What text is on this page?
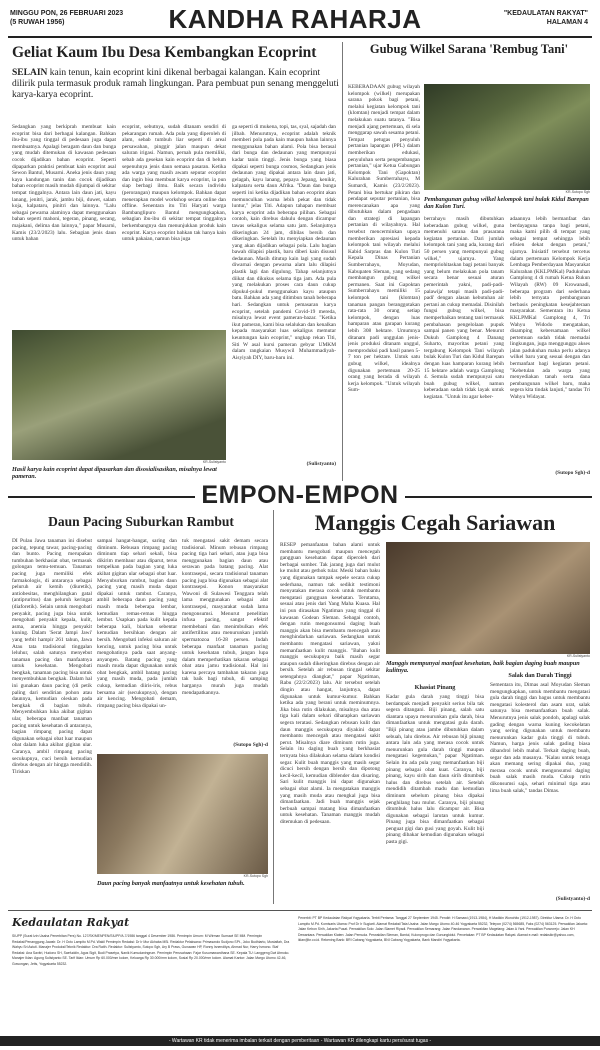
MINGGU PON, 26 FEBRUARI 2023
(5 RUWAH 1956)	KANDHA RAHARJA	"KEDAULATAN RAKYAT"
HALAMAN 4
Geliat Kaum Ibu Desa Kembangkan Ecoprint
SELAIN kain tenun, kain ecoprint kini dikenal berbagai kalangan. Kain ecoprint dilirik pula termasuk produk ramah lingkungan. Para pembuat pun senang menggeluti karya-karya ecoprint.
Sedangkan yang berkiprah membuat kain ecoprint bisa dari berbagai kalangan. Bahkan ibu-ibu yang tinggal di pedesaan juga dapat membuatnya. Apalagi beragam daun dan bunga yang mudah ditemukan di kawasan pedesaan cocok dijadikan bahan ecoprint. Seperti dipaparkan praktisi pembuat kain ecoprint asal Sewon Bantul, Musarni. Aneka jenis daun yang kaya kandungan tanin dan cocok dijadikan bahan ecoprint masih mudah dijumpai di sekitar tempat tinggalnya. Antara lain daun jati, kayu lanang, jenitri, jarak, jambu biji, duwet, salam koja, kalpataru, pinitri dan lainnya. "Lalu sebagai pewarna alaminya dapat menggunakan bahan seperti mahoni, tegeran, pinang, secang, majakani, delima dan lainnya," papar Musarni, Kamis (23/2/2023) lalu. Sebagian jenis daun untuk bahan
ecoprint, sebutnya, sudah ditanam sendiri di pekarangan rumah. Ada pula yang diperoleh di alam, sebab tumbuh liar seperti di areal persawahan, pinggir jalan maupun dekat saluran irigasi. Namun, pernah pula memiliki, sebab ada gesekan kain ecoprint dan di belum sepenuhnya jenis daun semasa pasaran. Ketika ada warga yang masih awam seputar ecoprint dan ingin bisa membuat karya ecoprint, ia pun siap berbagi ilmu. Baik secara individu (perorangan) maupun kelompok. Bahkan dapat menerapkan model workshop secara online dan offline. Senentara itu Titi Haryati warga Bambanglipuro Bantul mengungkapkan, sebagian ibu-ibu di sekitar tempat tinggalnya berkembangnya dan menunjukkan produk kain ecoprint. Karya ecoprint bahkan tak hanya kain untuk pakaian, namun bisa juga
ga seperti di mukena, topi, tas, syal, sajadah dan jilbab. Menurutnya, ecoprint adalah teknik memberi pola pada kain maupun bahan lainnya menggunakan bahan alami. Pola bisa berasal dari bunga dan dedaunan yang mempunyai kadar tanin tinggi. Jenis bunga yang biasa dipakai seperti bunga cosmos, Sedangkan jenis dedaunan yang dipakai antara lain daun jati, gelagah, kayu lanang, pepaya Jepang, kenikir, kalpataru serta daun Afrika. "Daun dan bunga seperti ini ketika dijadikan bahan ecoprint akan memunculkan warna lebih pekat dan tidak luntur," jelas Titi. Adapun tahapan membuat karya ecoprint ada beberapa pilihan. Sebagai contoh, kain direbus dahulu dengan dicampur tawas sekaligus selama satu jam. Selanjutnya dikeringkan 24 jam, dibilas bersih dan dikeringkan. Setelah itu menyiapkan dedaunan yang akan dijadikan sebagai pola. Lalu bagian bawah dilapisi plastik, baru diberi kain disusul dedaunan. Masih ditutup kain lagi yang sudah diwarnai dengan pewarna alam lalu dilapisi plastik lagi dan digulung. Tahap selanjutnya diikat dan dikukus selama tiga jam. Ada pula yang melakukan proses cara daun cukup dipukul-pukul menggunakan kayu ataupun batu. Bahkan ada yang ditimbun tanah beberapa hari. Sedangkan untuk pemasaran karya ecoprint, setelah pandemi Covid-19 mereda, misalnya lewat event pameran-bazar. "Ketika ikut pameran, kami bisa selalukan dan kenalkan kepada masyarakat luas sekaligus memutar keuntungan kain ecoprint," ungkap rekan Titi, Siti W asal kursi pameran gebyar UMKM dalam rangkaian Musywil Muhammadiyah-Aisyiyah DIY, baru-baru ini.
KR-Sulistyanto
Hasil karya kain ecoprint dapat dipasarkan dan disosialisasikan, misalnya lewat pameran.
(Sulistyanto)
Gubug Wilkel Sarana 'Rembug Tani'
KEBERADAAN gubug wilayah kelompok (wilkel) merupakan sarana pokok bagi petani, melalui kegiatan kelompok tani (klomtan) menjadi tempat dalam melakukan suatu tatanya. "Bisa menjadi ajang pertemuan, di sela menggarap sawah sesama petani. Tempat petugas penyuluh pertanian lapangan (PPL) dalam memberikan edukasi, penyuluhan serta pengembangan pertanian," ujar Ketua Gabungan Kelompok Tani (Gapoktan) Kalurahan Sumberrahayu, M Sumardi, Kamis (23/2/2023). Petani bisa bertukar pikiran dan pendapat seputar pertanian, bisa merencanakan apa yang dibutuhkan dalam pengadaan dan strategi di lapangan pertanian di wilayahnya. Hal tersebut mencerminkan upaya memberikan apresiasi kepada kelompok tani wilayah melalui Kabid Sarpras dan Kulon Tuti Kepala Dinas Pertanian Sumberrahayu, Moyudan, Kabupaten Sleman, yang sedang membangun gubug wilkel permanen. Saat ini Gapoktan Sumberrahayu memiliki 15 kelompok tani (klomtan) tanaman pangan beranggotakan rata-rata 30 orang setiap kelompok, dengan luas hamparan atau garapan kurang lebih 308 hektare. Umumnya ditanam padi unggulan jenis-jenis produksi ditanam unggul, memproduksi padi hasil panen 5-7 ton per hektare. Untuk satu gubug wilkel, idealnya digunakan pertemuan 20-25 orang yang berada di wilayah kerja kelompok. "Untuk wilayah Sum-
KR-Sutopo Sgh
Pembangunan gubug wilkel kelompok tani bulak Kidul Barepan dan Kulon Turi.
berrahayu masih dibutuhkan keberadaan gubug wilkel, guna memenuhi sarana dan prasarana kegiatan pertanian. Dari jumlah kelompok tani yang ada, kurang dari 50 persen yang mempunyai gubug wilkel," ujarnya. Yang mempriohitaskan bagi petani banyak yang belum melakukan pola tanam secara benar sesuai aturan pemerintah yakni, padi-padi-palawija' tetapi masih padi-padi-padi' dengan alasan kebutuhan air pertani an cukup memadai. Disinilah fungsi gubug wilkel, bisa memperbaikan tentang tani termasuk pembahasan pengelolaan pupuk sampai panen yang benar. Menurut Dukuh Gamplong 4 Danang Suharto, mayoritas petani yang tergabung Kelompok Tani wilayah bulak Kulon Turi dan Kidul Barepan dengan luas hamparan kurang lebih 15 hektare adalah warga Gamplong 4. Semula sudah mempunyai satu buah gubug wilkel, namun keberadaan sudah tidak layak untuk kegiatan. "Untuk itu agar keber-
adaannya lebih bermanfaat dan berdayaguna tanpa bagi petani, maka kami pilih di tempat yang sebagai tempat sehingga lebih efisien dekat dengan petani," ujarnya. Inisiatif tersebut tercetus dalam pertemuan Kelompok Kerja Lembaga Pemberdayaan Masyarakat Kalurahan (KKLPMKal) Padukuhan Gamplong 4 di rumah Ketua Rukun Wilayah (RW) 09 Krowanadi, beberapa program dari sederhana lebih ternyata pembangunan berbasis peningkatan kesejahteraan masyarakat. Sementara itu Ketua KKLPMKal Gamplong 4, Tri Wahyu Widodo mengatakan, disamping kebersamaan wilkel pertemuan sudah tidak memadai lingkungan, juga menggunggu akses jalan padukuhan maka perlu adanya wilkel baru yang sesuai dengan dan bermanfaat bagi kegiatan petani. "Kebetulan ada warga yang menyediakan tanah serta dana pembangunan wilkel baru, maka segera kita tindak lanjuti," tandas Tri Wahyu Widayat.
(Sutopo Sgh)-d
EMPON-EMPON
Daun Pacing Suburkan Rambut
DI Pulau Jawa tanaman ini disebut pacing, tepung tawar, pacing-pacing dan bunto. Pacing merupakan tumbuhan berkhasiat obat, termasuk golongan temu-temuan. Tanaman pacing juga memiliki efek farmakologis, di antaranya sebagai peluruh air kemih (diuretik), antiobesitas, menghilangkan gatal (antipruritus) dan peluruh keringat (diaforetik). Selain untuk mengobati penyakit, pacing juga bisa untuk mengobati penyakit kepala, kulit, asma, anemia hingga penyakit kuning. Dalam 'Serat Jampi Jawi' yang terbit hampir 261 tahun, Jawa Atau tata tradisional tinggalan leluhur, salah satunya menyebut tanaman pacing dan manfaatnya untuk kesehatan. Mengobati bengkak, tanaman pacing bisa untuk menyembuhkan bengkak. Dalam hal ini gunakan daun pacing (di petik paling dari sendirian pohon atau daunnya, kemudian oleskan pada bengkak di bagian tubuh. Menyembuhkan luka akibat gigitan ular, beberapa manfaat tanaman pacing untuk kesehatan di antaranya, bagian rimpang pacing dapat digunakan sebagai obat luar maupun obat dalam luka akibat gigitan ular. Caranya, ambil rimpang pacing secukupnya, cuci bersih kemudian direbus dengan air hingga mendidih. Tiriskan
sampai hangat-hangat, saring dan diminum. Rebusan rimpang pacing diminum tiap sehari sekali, bisa dikirim membaur atau diparut, terus tempelkan pada bagian yang luka akibat gigitan ular sebagai obat luar. Menyuburkan rambut, bagian daun pacing yang masih muda dapat dipakai untuk rambut. Caranya, ambil beberapa daun pacing yang masih muda beberapa lembar, kemudian remas-remas hingga lembut. Usapkan pada kulit kepala beberapa kali, biarkan sebentar kemudian bersihkan dengan air bersih. Mengobati infeksi saluran air kencing, untuk pacing bisa untuk mengobatinya pada saat anyang-anyangen. Batang pacing yang masih muda dapat digunakan untuk obat bengkak, ambil batang pacing yang masih muda, pada jumlah cukup, kemudian diiris-iris, rebus bersama air (secukupnya), dengan air kencing. Mengobati demam, rimpang pacing bisa dipakai un-
tuk mengatasi sakit demam secara tradisional. Minum rebusan rimpang pacing tiga hari sehari, atau juga bisa menggunakan bagian daun atau serawan pada batang pacing. Alat kontrasepsi, secara tradisional tanaman pacing juga bisa digunakan sebagai alat kontrasepsi. Konon masyarakat Wawoni di Sulawesi Tenggara telah lama menggunakan sebagai alat kontrasepsi, masyarakat sudah lama mengonsumsi. Menurut penelitian infusa pacing, sangat efektif membebani dan menimbulkan efek antifertilitas atau menurunkan jumlah spermatozoa 16-28 persen. Indah beberapa manfaat tanaman pacing untuk kesehatan tubuh, jangan lupa dalam memperhatikan takaran sebagai obat atau jamu tradisional. Hal ini karena percaya tambahan takaran juga tak baik bagi tubuh, di samping harganya murah juga mudah mendapatkannya.
(Sutopo Sgh)-d
KR-Sutopo Sgh
Daun pacing banyak manfaatnya untuk kesehatan tubuh.
Manggis Cegah Sariawan
RESEP pemanfaatan bahan alami untuk membantu mengobati maupun mencegah gangguan kesehatan dapat diperoleh dari berbagai sumber. Tak jarang juga dari mulut ke mulut atau gethok tular. Meski bahan baku yang digunakan tampak sepele secara cukup sederhana, namun tak sedikit testimoni menyatakan merasa cocok untuk membantu mengatasi gangguan kesehatan. Terutama, sesuai atau jenis dari Yang Maha Kuasa. Hal ini pun dirasakan Ngatiman yang tinggal di kawasan Godean Sleman. Sebagai contoh, dengan rutin mengonsumsi daging buah manggis akan bisa membantu mencegah atau menghindarkan sariawan. Sedangkan untuk membantu mengatasi sariawan, yakni memanfaatkan kulit manggis. "Bahan kulit manggis secukupnya baik masih segar ataupun sudah dikeringkan direbus dengan air bersih. Setelah air rebusan tinggal sekitar setengahnya diangkat," papar Ngatiman, Rabu (22/2/2023) lalu. Air tersebut setelah dingin atau hangat, lanjutnya, dapat digunakan untuk kumur-kumur. Bahkan ketika ada yang berani untuk meminumnya. Jika bisa rutin dilakukan, misalnya dua atau tiga kali dalam sehari diharapkan sariawan segera teratasi. Sedangkan rebusan kulit dan daun manggis secukupnya diyakini dapat membantu mencegah atau mengatasi sakit perut. Misalnya diare diminum rutin juga. Selain itu daging buah yang berkhasiat ternyata bisa dilakukan selama dalam kondisi segar. Kulit buah manggis yang masih segar dicuci bersih dengan bersih dan dipotong kecil-kecil, kemudian diblender dan disaring. Sari kulit manggis ini dapat digunakan sebagai obat alami. Ia mengatakan manggis yang masih muda atau mengkal juga bisa dimanfaatkan. Jadi buah manggis sejak berbuah sampai matang bisa dimanfaatkan untuk kesehatan. Tanaman manggis mudah ditemukan di pedesaan.
KR-Sulistyanto
Manggis mempunyai manfaat kesehatan, baik bagian daging buah maupun kulitnya.
Khasiat Pinang
Kadar gula darah yang tinggi bisa berdampak menjadi penyakit serius bila tak segera ditangani. Biji pinang, salah satu diantara upaya menurunkan gula darah, bisa dimanfaatkan untuk mengatasi gula darah. "Biji pinang atau jambe dibutuhkan dalam sebuah, lalu direbus. Air rebusan biji pinang antara lain ada yang merasa cocok untuk menurunkan gula darah tinggi maupun mengatasi kegemukan," papar Ngatiman. Selain itu ada pula yang memanfaatkan biji pinang sebagai obat kuat. Caranya, biji pinang, kayu sirih dan daun sirih ditumbuk halus dan direbus setelah air. Setelah mendidih ditambah madu dan kemudian diminum sebelum pinang bisa dipakai penghilang bau mulut. Caranya, biji pinang ditumbuk halus lalu dicampur air. Bisa digunakan sebagai larutan untuk kumur. Pinang juga bisa dimanfaatkan sebagai penguat gigi dan gusi yang goyah. Kulit biji pinang dibakar kemudian digunakan sebagai pasta gigi.
Salak dan Darah Tinggi
Sementara itu, Dimas asal Moyudan Sleman mengungkapkan, untuk membantu mengatasi gula darah tinggi dan bagus untuk membantu mengatasi kolesterol dan asam urat, salak satunya bisa memanfaatkan buah salak. Menurutnya jenis salak pondoh, apalagi salak gading dengan warna kuning kecokelatan yang sering digunakan untuk membantu menurunkan kadar gula tinggi di tubuh. Namun, harga jenis salak gading biasa dibandrol lebih mahal. Terkait daging buah, segar dan ada masanya. "Kalau untuk tenaga akan memang sering dipakai dua, yang merasa cocok untuk mengonsumsi daging buah salak masih muda. Cukup rutin dikonsumsi saja, sehari minimal tiga atau lima buah salak," tandas Dimas.
(Sulistyanto)-d
Kedaulatan Rakyat
SIUPP (Surat Izin Usaha Penerbitan Pers) No. 127/SK/MENPEN/SIUPP/A.7/1986 tanggal 4 Desember 1986. Pemimpin Umum: M Wirman Sumawi SE MM. Pemimpin Redaksi/Penanggung Jawab: Dr. H Octo Lampito M.Pd. Wakil Pemimpin Redaksi: Dr Ir Mur Akhaba MSi. Redaktur Pelaksana: Primaswolo Sudjono SPt., Joko Budhiarto, Mustafiah, Dra Wahyu Sri Astuti. Manajer Produksi/Teknik Redaktur: Dra Ratih. Redaktur: Sulistyanto, Sutopo Sgh, Ary B Prass, Gunawan HP, Ronny Isnenditya, Ahmad Nur, Harry Ismono. Staf Redaksi: Ana Savitri, Hudono SH, Saefuddin, Agus Sigit, Budi Prasetya, Nanik Kumudaningrum. Pemimpin Perusahaan: Fajar Kusumawardhana SE. Kepala TU: Langgeng Dwi Atmoko. Manajer Iklan: Agung Sulistyanto SE. Tarif Iklan: Umum Rp 60.000/mm kolom, Keluarga Rp 30.000/mm kolom, Sosial Rp 20.000/mm kolom. Alamat Kantor: Jalan Margo Utomo 42-46, Gowongan, Jetis, Yogyakarta 55232.
Penerbit: PT BP Kedaulatan Rakyat Yogyakarta. Terbit Pertama: Tanggal 27 September 1945. Pendiri: H Samawi (1913-1984), H Madikin Wonohito (1912-1987). Direktur Utama: Dr. H Octo Lampito M.Pd. Komisaris Utama: Prof Dr Ir Sugiarti. Alamat Redaksi/Tata Usaha: Jalan Margo Utomo 40-46 Yogyakarta 55232, Telepon (0274) 565685, Faks (0274) 563125. Perwakilan Jakarta: Jalan Kebon Sirih, Jakarta Pusat. Perwakilan Solo: Jalan Slamet Riyadi. Perwakilan Semarang: Jalan Pandanaran. Perwakilan Magelang: Jalan A Yani. Perwakilan Purworejo: Jalan KH Dewantara. Perwakilan Klaten: Jalan Pemuda. Perwakilan Sleman, Bantul, Kulonprogo dan Gunungkidul. Percetakan: PT BP Kedaulatan Rakyat. Alamat e-mail: redaksikr@yahoo.com, iklan@kr.co.id. Rekening Bank: BRI Cabang Yogyakarta, BNI Cabang Yogyakarta, Bank Mandiri Yogyakarta.
- Wartawan KR tidak menerima imbalan terkait dengan pemberitaan - Wartawan KR dilengkapi kartu pers/surat tugas -
